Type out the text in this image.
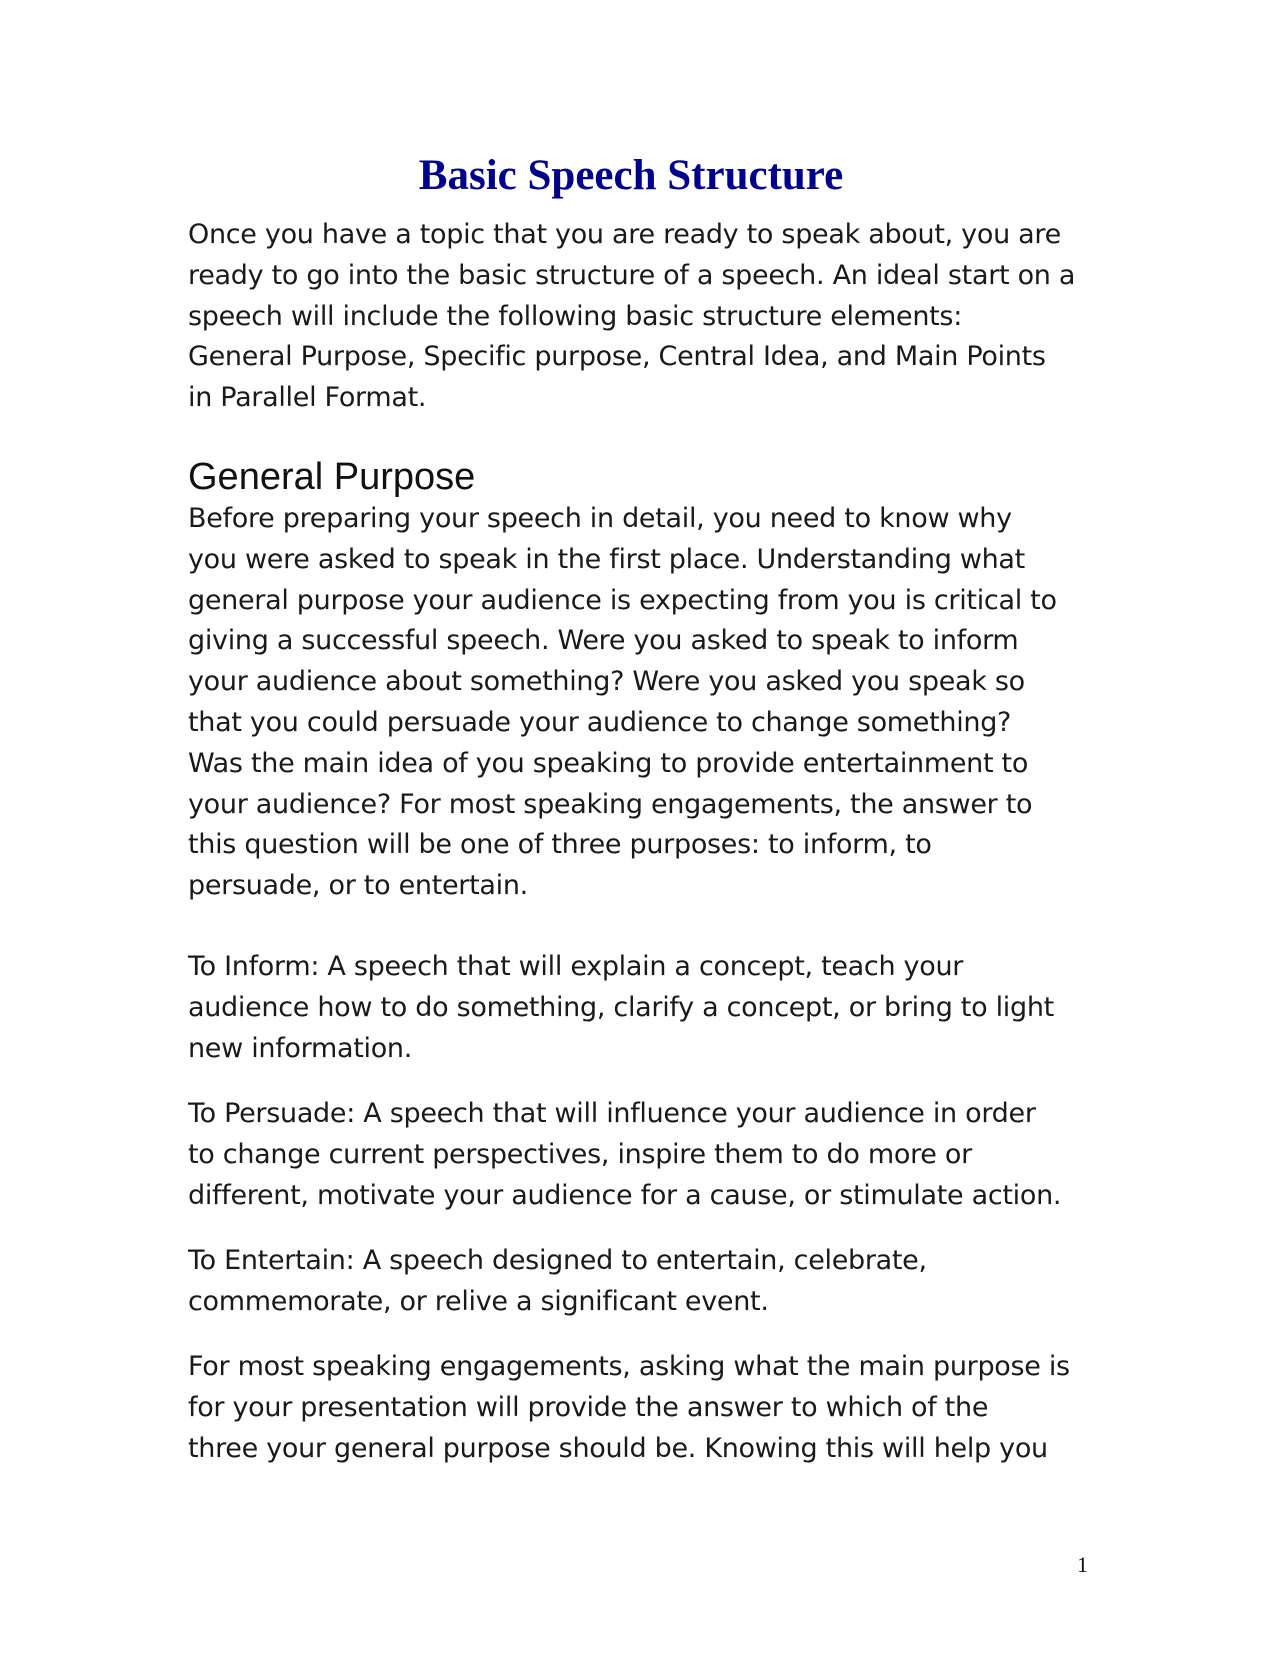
Basic Speech Structure

Once you have a topic that you are ready to speak about, you are
ready to go into the basic structure of a speech. An ideal start on a
speech will include the following basic structure elements:
General Purpose, Specific purpose, Central Idea, and Main Points
in Parallel Format.

General Purpose

Before preparing your speech in detail, you need to know why
you were asked to speak in the first place. Understanding what
general purpose your audience is expecting from you is critical to
giving a successful speech. Were you asked to speak to inform
your audience about something? Were you asked you speak so
that you could persuade your audience to change something?
Was the main idea of you speaking to provide entertainment to
your audience? For most speaking engagements, the answer to
this question will be one of three purposes: to inform, to
persuade, or to entertain.

To Inform: A speech that will explain a concept, teach your
audience how to do something, clarify a concept, or bring to light
new information.

To Persuade: A speech that will influence your audience in order
to change current perspectives, inspire them to do more or
different, motivate your audience for a cause, or stimulate action.

To Entertain: A speech designed to entertain, celebrate,
commemorate, or relive a significant event.

For most speaking engagements, asking what the main purpose is
for your presentation will provide the answer to which of the
three your general purpose should be. Knowing this will help you

1
